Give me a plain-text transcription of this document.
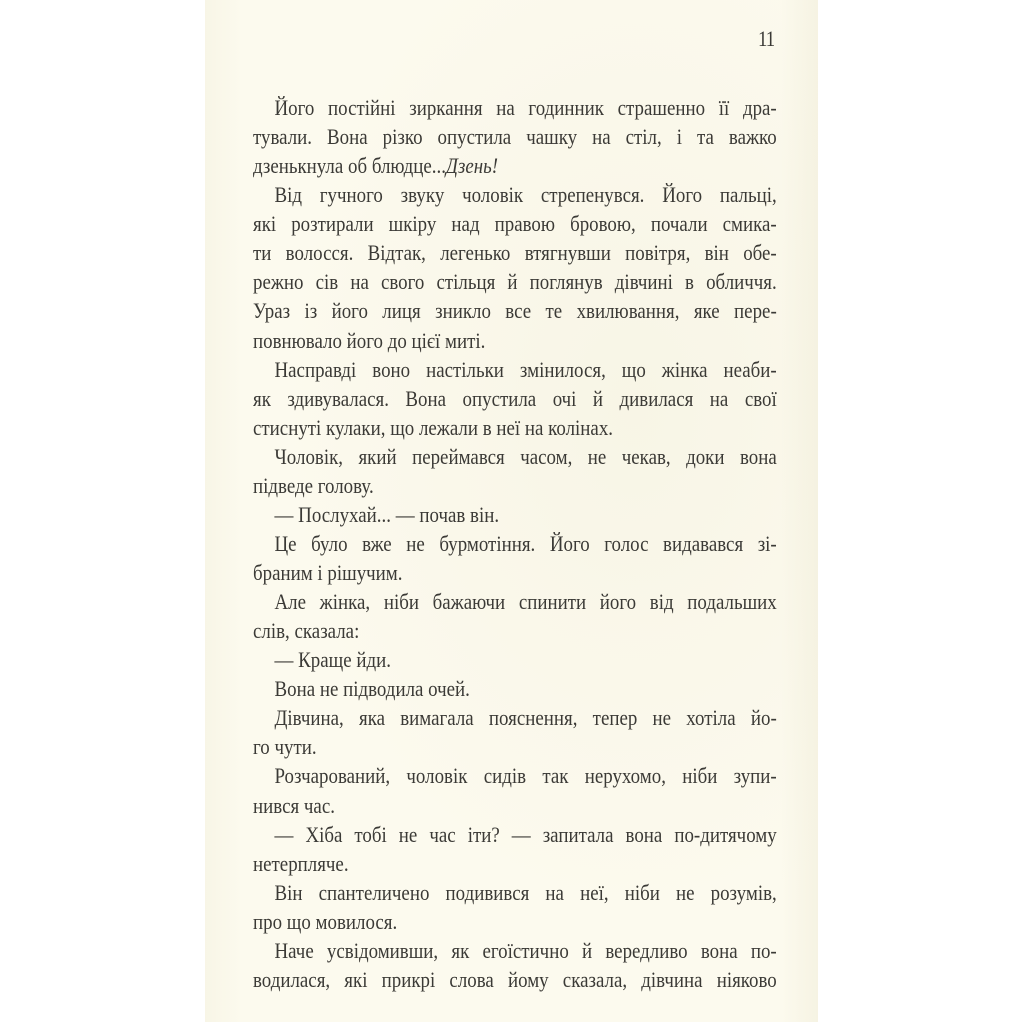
11
Його постійні зиркання на годинник страшенно її дра-
тували. Вона різко опустила чашку на стіл, і та важко
дзенькнула об блюдце...Дзень!
Від гучного звуку чоловік стрепенувся. Його пальці,
які розтирали шкіру над правою бровою, почали смика-
ти волосся. Відтак, легенько втягнувши повітря, він обе-
режно сів на свого стільця й поглянув дівчині в обличчя.
Ураз із його лиця зникло все те хвилювання, яке пере-
повнювало його до цієї миті.
Насправді воно настільки змінилося, що жінка неаби-
як здивувалася. Вона опустила очі й дивилася на свої
стиснуті кулаки, що лежали в неї на колінах.
Чоловік, який переймався часом, не чекав, доки вона
підведе голову.
— Послухай... — почав він.
Це було вже не бурмотіння. Його голос видавався зі-
браним і рішучим.
Але жінка, ніби бажаючи спинити його від подальших
слів, сказала:
— Краще йди.
Вона не підводила очей.
Дівчина, яка вимагала пояснення, тепер не хотіла йо-
го чути.
Розчарований, чоловік сидів так нерухомо, ніби зупи-
нився час.
— Хіба тобі не час іти? — запитала вона по-дитячому
нетерпляче.
Він спантеличено подивився на неї, ніби не розумів,
про що мовилося.
Наче усвідомивши, як егоїстично й вередливо вона по-
водилася, які прикрі слова йому сказала, дівчина ніяково
